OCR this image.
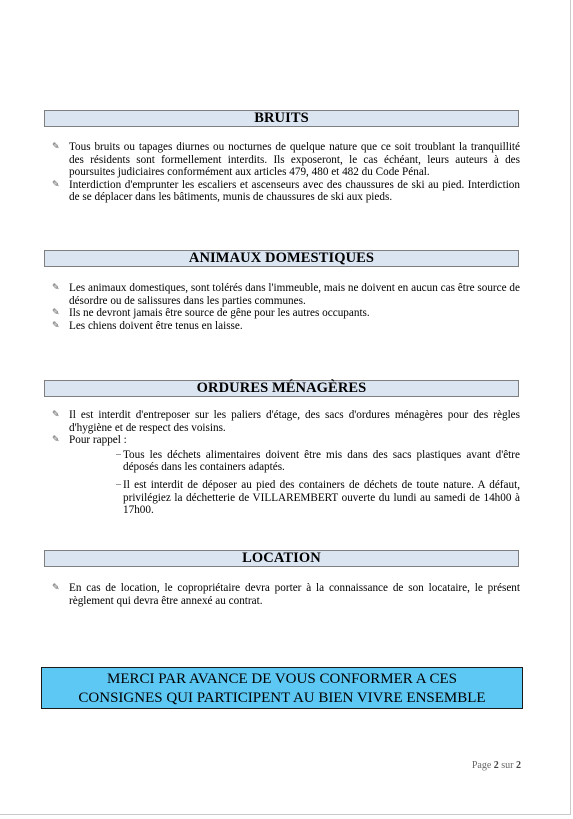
BRUITS
✎ Tous bruits ou tapages diurnes ou nocturnes de quelque nature que ce soit troublant la tranquillité des résidents sont formellement interdits. Ils exposeront, le cas échéant, leurs auteurs à des poursuites judiciaires conformément aux articles 479, 480 et 482 du Code Pénal.
✎ Interdiction d'emprunter les escaliers et ascenseurs avec des chaussures de ski au pied. Interdiction de se déplacer dans les bâtiments, munis de chaussures de ski aux pieds.
ANIMAUX DOMESTIQUES
✎ Les animaux domestiques, sont tolérés dans l'immeuble, mais ne doivent en aucun cas être source de désordre ou de salissures dans les parties communes.
✎ Ils ne devront jamais être source de gêne pour les autres occupants.
✎ Les chiens doivent être tenus en laisse.
ORDURES MÉNAGÈRES
✎ Il est interdit d'entreposer sur les paliers d'étage, des sacs d'ordures ménagères pour des règles d'hygiène et de respect des voisins.
✎ Pour rappel :
– Tous les déchets alimentaires doivent être mis dans des sacs plastiques avant d'être déposés dans les containers adaptés.
– Il est interdit de déposer au pied des containers de déchets de toute nature. A défaut, privilégiez la déchetterie de VILLAREMBERT ouverte du lundi au samedi de 14h00 à 17h00.
LOCATION
✎ En cas de location, le copropriétaire devra porter à la connaissance de son locataire, le présent règlement qui devra être annexé au contrat.
MERCI PAR AVANCE DE VOUS CONFORMER A CES
CONSIGNES QUI PARTICIPENT AU BIEN VIVRE ENSEMBLE
Page 2 sur 2
